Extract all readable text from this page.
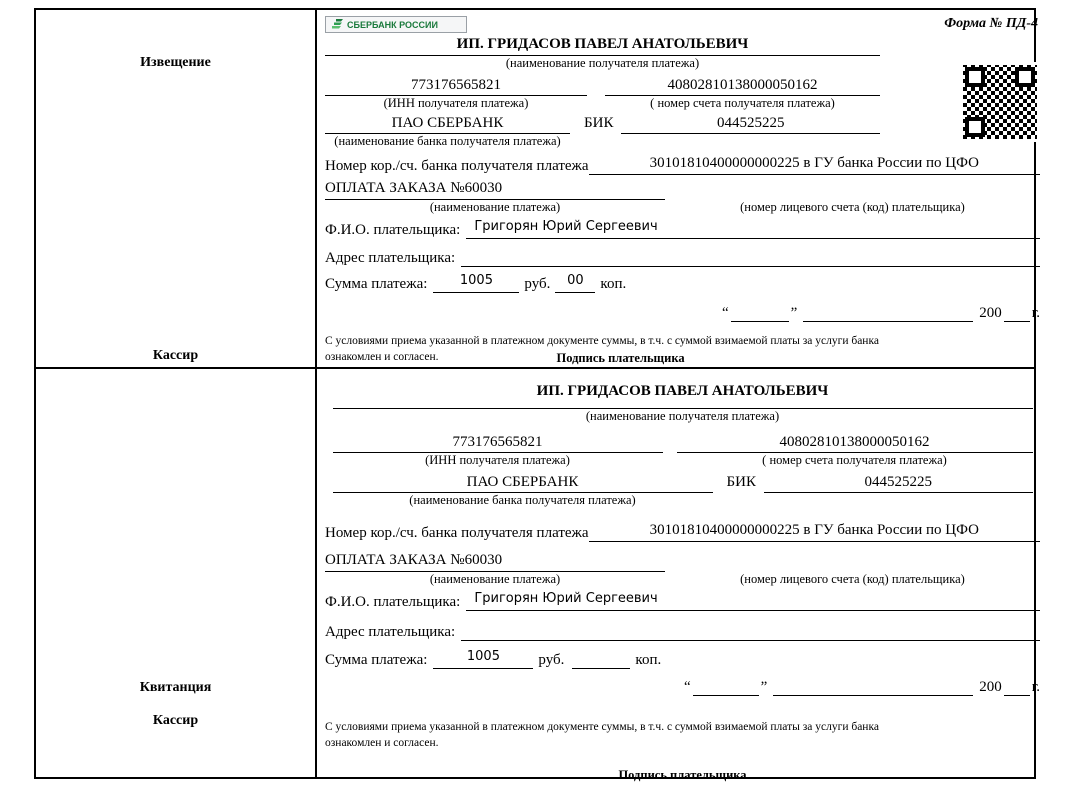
Извещение
Кассир
СБЕРБАНК РОССИИ	Форма № ПД-4
ИП. ГРИДАСОВ ПАВЕЛ АНАТОЛЬЕВИЧ
(наименование получателя платежа)
773176565821	40802810138000050162
(ИНН получателя платежа)	( номер счета получателя платежа)
ПАО СБЕРБАНК	БИК	044525225
(наименование банка получателя платежа)
Номер кор./сч. банка получателя платежа	30101810400000000225 в ГУ банка России по ЦФО
ОПЛАТА ЗАКАЗА №60030
(наименование платежа)	(номер лицевого счета (код) плательщика)
Ф.И.О. плательщика:	Григорян Юрий Сергеевич
Адрес плательщика:
Сумма платежа:	1005	руб.	00	коп.
“	”	200 г.
С условиями приема указанной в платежном документе суммы, в т.ч. с суммой взимаемой платы за услуги банка
ознакомлен и согласен.	Подпись плательщика
Квитанция
Кассир
ИП. ГРИДАСОВ ПАВЕЛ АНАТОЛЬЕВИЧ
(наименование получателя платежа)
773176565821	40802810138000050162
(ИНН получателя платежа)	( номер счета получателя платежа)
ПАО СБЕРБАНК	БИК	044525225
(наименование банка получателя платежа)
Номер кор./сч. банка получателя платежа	30101810400000000225 в ГУ банка России по ЦФО
ОПЛАТА ЗАКАЗА №60030
(наименование платежа)	(номер лицевого счета (код) плательщика)
Ф.И.О. плательщика:	Григорян Юрий Сергеевич
Адрес плательщика:
Сумма платежа:	1005	руб.	коп.
“	”	200 г.
С условиями приема указанной в платежном документе суммы, в т.ч. с суммой взимаемой платы за услуги банка
ознакомлен и согласен.
Подпись плательщика
